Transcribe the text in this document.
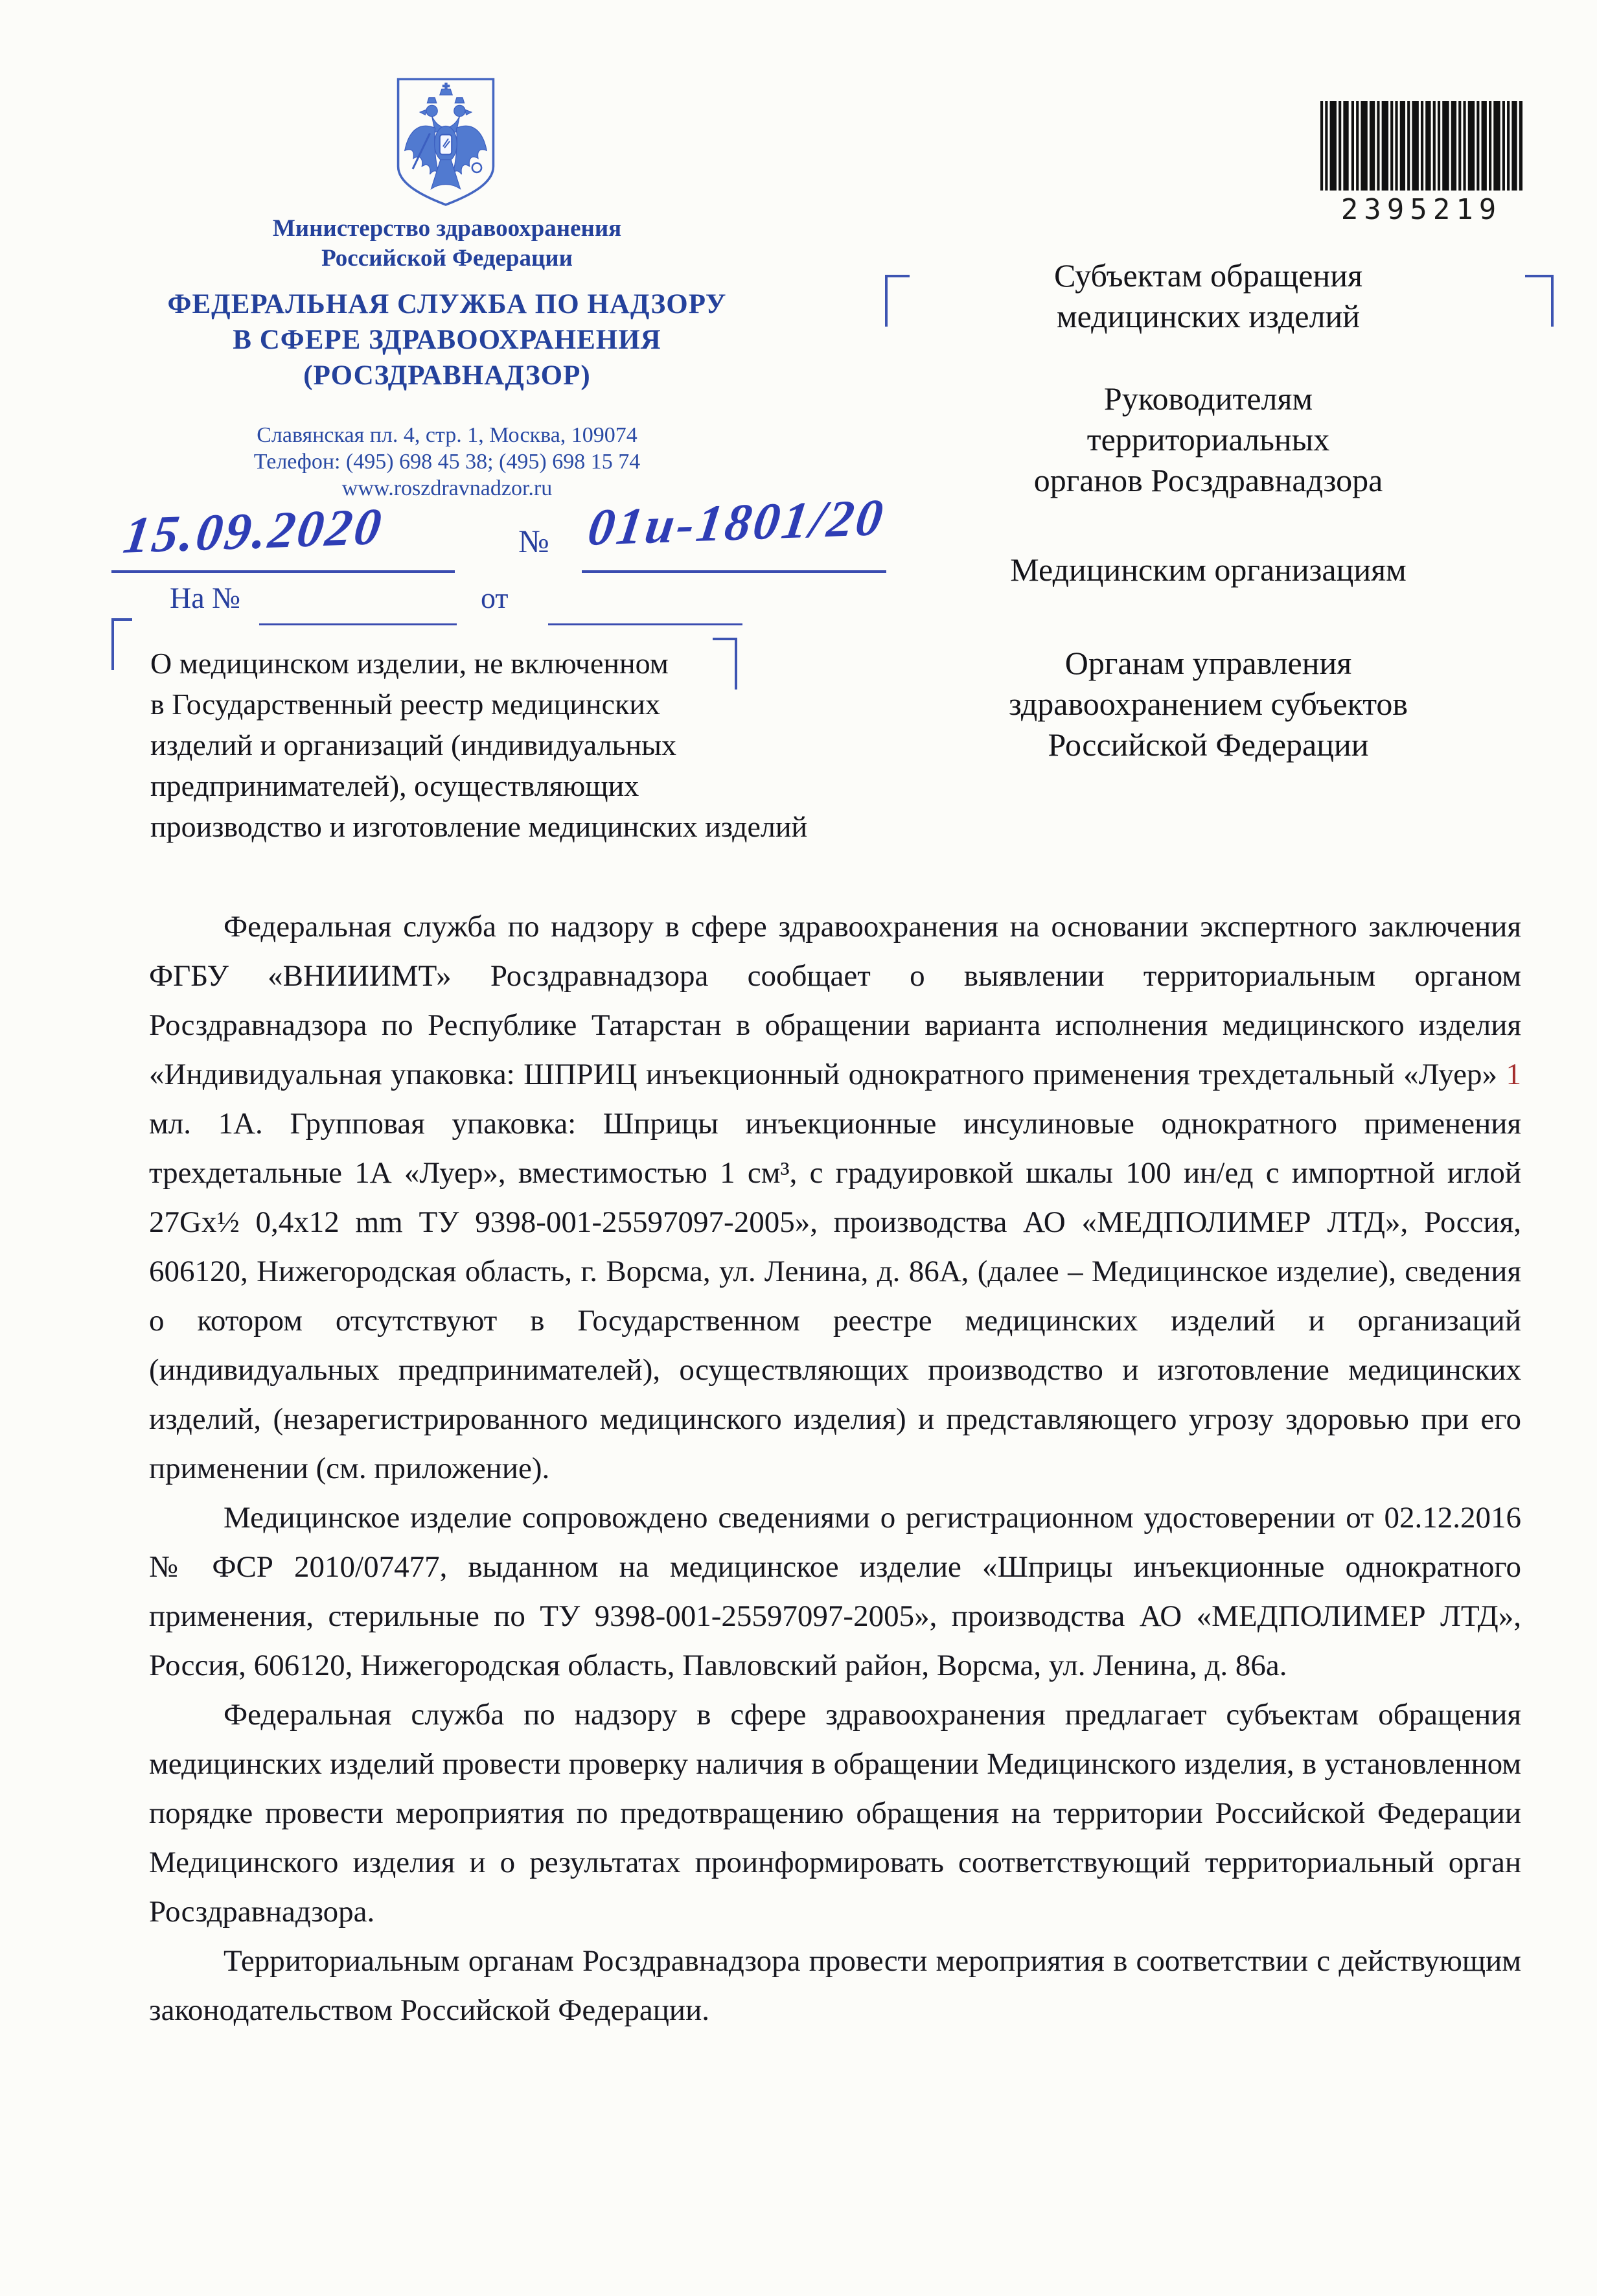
Министерство здравоохранения
Российской Федерации
ФЕДЕРАЛЬНАЯ СЛУЖБА ПО НАДЗОРУ
В СФЕРЕ ЗДРАВООХРАНЕНИЯ
(РОСЗДРАВНАДЗОР)
Славянская пл. 4, стр. 1, Москва, 109074
Телефон: (495) 698 45 38; (495) 698 15 74
www.roszdravnadzor.ru
15.09.2020	№ 01и-1801/20
На №	от
О медицинском изделии, не включенном
в Государственный реестр медицинских
изделий и организаций (индивидуальных
предпринимателей), осуществляющих
производство и изготовление медицинских изделий
2395219
Субъектам обращения
медицинских изделий
Руководителям
территориальных
органов Росздравнадзора
Медицинским организациям
Органам управления
здравоохранением субъектов
Российской Федерации

Федеральная служба по надзору в сфере здравоохранения на основании экспертного заключения ФГБУ «ВНИИИМТ» Росздравнадзора сообщает о выявлении территориальным органом Росздравнадзора по Республике Татарстан в обращении варианта исполнения медицинского изделия «Индивидуальная упаковка: ШПРИЦ инъекционный однократного применения трехдетальный «Луер» 1 мл. 1А. Групповая упаковка: Шприцы инъекционные инсулиновые однократного применения трехдетальные 1А «Луер», вместимостью 1 см³, с градуировкой шкалы 100 ин/ед с импортной иглой 27Gx½ 0,4x12 mm ТУ 9398-001-25597097-2005», производства АО «МЕДПОЛИМЕР ЛТД», Россия, 606120, Нижегородская область, г. Ворсма, ул. Ленина, д. 86А, (далее – Медицинское изделие), сведения о котором отсутствуют в Государственном реестре медицинских изделий и организаций (индивидуальных предпринимателей), осуществляющих производство и изготовление медицинских изделий, (незарегистрированного медицинского изделия) и представляющего угрозу здоровью при его применении (см. приложение).

Медицинское изделие сопровождено сведениями о регистрационном удостоверении от 02.12.2016 № ФСР 2010/07477, выданном на медицинское изделие «Шприцы инъекционные однократного применения, стерильные по ТУ 9398-001-25597097-2005», производства АО «МЕДПОЛИМЕР ЛТД», Россия, 606120, Нижегородская область, Павловский район, Ворсма, ул. Ленина, д. 86а.

Федеральная служба по надзору в сфере здравоохранения предлагает субъектам обращения медицинских изделий провести проверку наличия в обращении Медицинского изделия, в установленном порядке провести мероприятия по предотвращению обращения на территории Российской Федерации Медицинского изделия и о результатах проинформировать соответствующий территориальный орган Росздравнадзора.

Территориальным органам Росздравнадзора провести мероприятия в соответствии с действующим законодательством Российской Федерации.
